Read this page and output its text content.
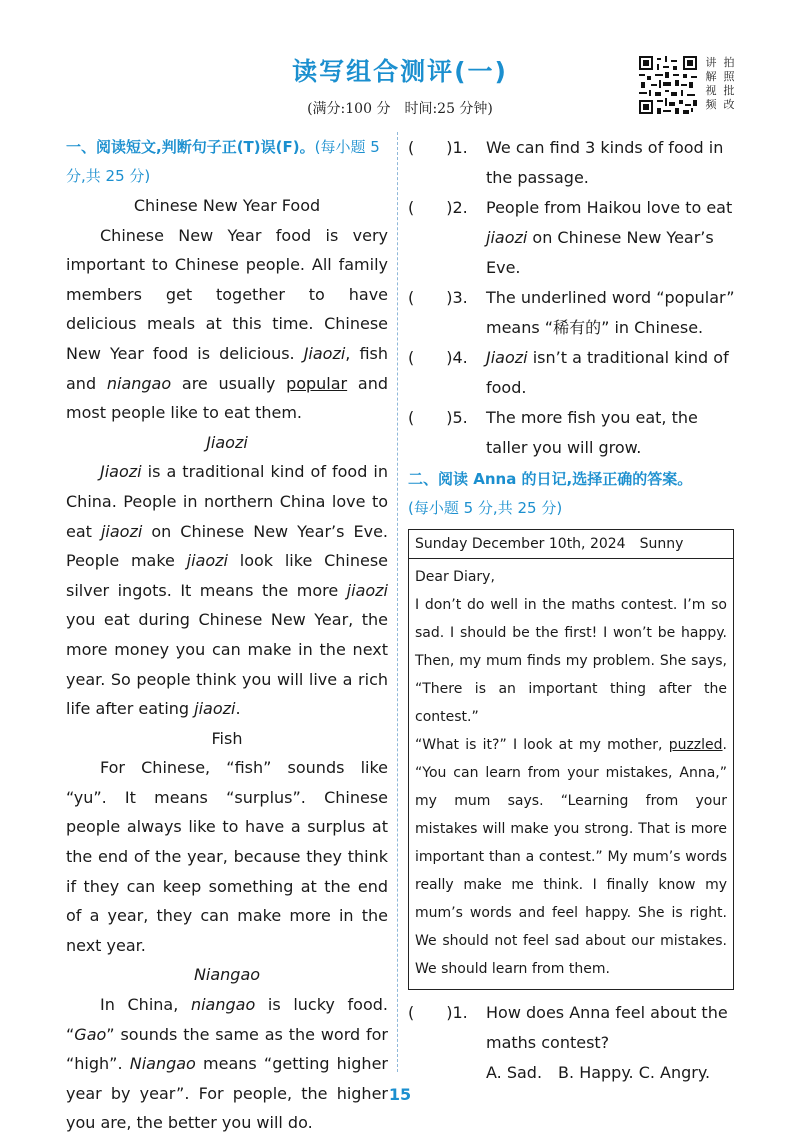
读写组合测评(一)
(满分:100 分　时间:25 分钟)
讲 拍
解 照
视 批
频 改
一、阅读短文,判断句子正(T)误(F)。(每小题 5 分,共 25 分)

Chinese New Year Food

Chinese New Year food is very important to Chinese people. All family members get together to have delicious meals at this time. Chinese New Year food is delicious. Jiaozi, fish and niangao are usually popular and most people like to eat them.

Jiaozi

Jiaozi is a traditional kind of food in China. People in northern China love to eat jiaozi on Chinese New Year’s Eve. People make jiaozi look like Chinese silver ingots. It means the more jiaozi you eat during Chinese New Year, the more money you can make in the next year. So people think you will live a rich life after eating jiaozi.

Fish

For Chinese, “fish” sounds like “yu”. It means “surplus”. Chinese people always like to have a surplus at the end of the year, because they think if they can keep something at the end of a year, they can make more in the next year.

Niangao

In China, niangao is lucky food. “Gao” sounds the same as the word for “high”. Niangao means “getting higher year by year”. For people, the higher you are, the better you will do.

(　　)1.	We can find 3 kinds of food in the passage.
(　　)2.	People from Haikou love to eat jiaozi on Chinese New Year’s Eve.
(　　)3.	The underlined word “popular” means “稀有的” in Chinese.
(　　)4.	Jiaozi isn’t a traditional kind of food.
(　　)5.	The more fish you eat, the taller you will grow.
二、阅读 Anna 的日记,选择正确的答案。
(每小题 5 分,共 25 分)
Sunday December 10th, 2024　Sunny

Dear Diary,

I don’t do well in the maths contest. I’m so sad. I should be the first! I won’t be happy. Then, my mum finds my problem. She says, “There is an important thing after the contest.”

“What is it?” I look at my mother, puzzled. “You can learn from your mistakes, Anna,” my mum says. “Learning from your mistakes will make you strong. That is more important than a contest.” My mum’s words really make me think. I finally know my mum’s words and feel happy. She is right. We should not feel sad about our mistakes. We should learn from them.

(　　)1.	How does Anna feel about the maths contest?
A. Sad.　B. Happy. C. Angry.
15
